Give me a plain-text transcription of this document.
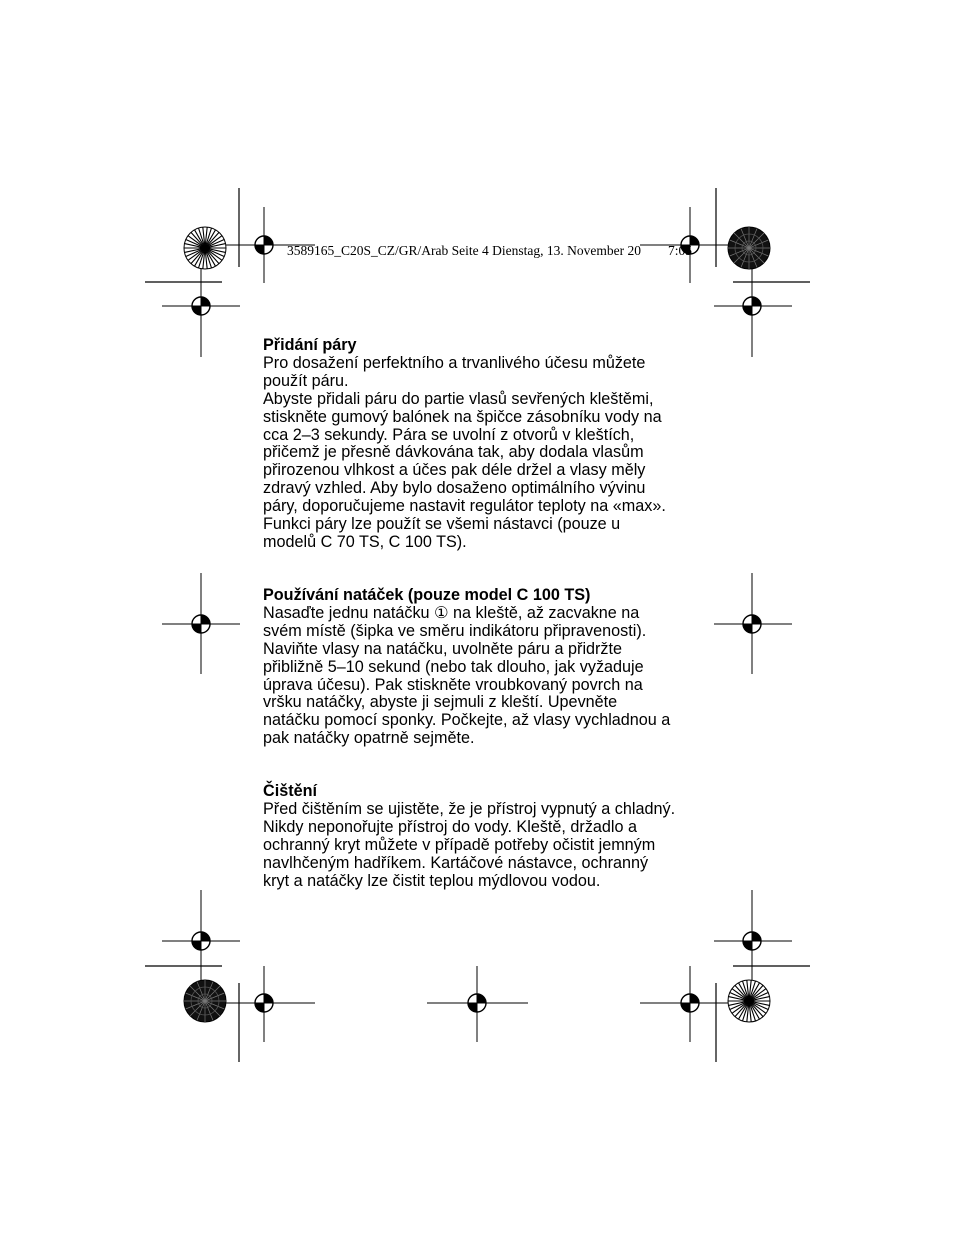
3589165_C20S_CZ/GR/Arab Seite 4 Dienstag, 13. November 20 7:05
Přidání páry
Pro dosažení perfektního a trvanlivého účesu můžete
použít páru.
Abyste přidali páru do partie vlasů sevřených kleštěmi,
stiskněte gumový balónek na špičce zásobníku vody na
cca 2–3 sekundy. Pára se uvolní z otvorů v kleštích,
přičemž je přesně dávkována tak, aby dodala vlasům
přirozenou vlhkost a účes pak déle držel a vlasy měly
zdravý vzhled. Aby bylo dosaženo optimálního vývinu
páry, doporučujeme nastavit regulátor teploty na «max».
Funkci páry lze použít se všemi nástavci (pouze u
modelů C 70 TS, C 100 TS).
Používání natáček (pouze model C 100 TS)
Nasaďte jednu natáčku ① na kleště, až zacvakne na
svém místě (šipka ve směru indikátoru připravenosti).
Naviňte vlasy na natáčku, uvolněte páru a přidržte
přibližně 5–10 sekund (nebo tak dlouho, jak vyžaduje
úprava účesu). Pak stiskněte vroubkovaný povrch na
vršku natáčky, abyste ji sejmuli z kleští. Upevněte
natáčku pomocí sponky. Počkejte, až vlasy vychladnou a
pak natáčky opatrně sejměte.
Čištění
Před čištěním se ujistěte, že je přístroj vypnutý a chladný.
Nikdy neponořujte přístroj do vody. Kleště, držadlo a
ochranný kryt můžete v případě potřeby očistit jemným
navlhčeným hadříkem. Kartáčové nástavce, ochranný
kryt a natáčky lze čistit teplou mýdlovou vodou.
